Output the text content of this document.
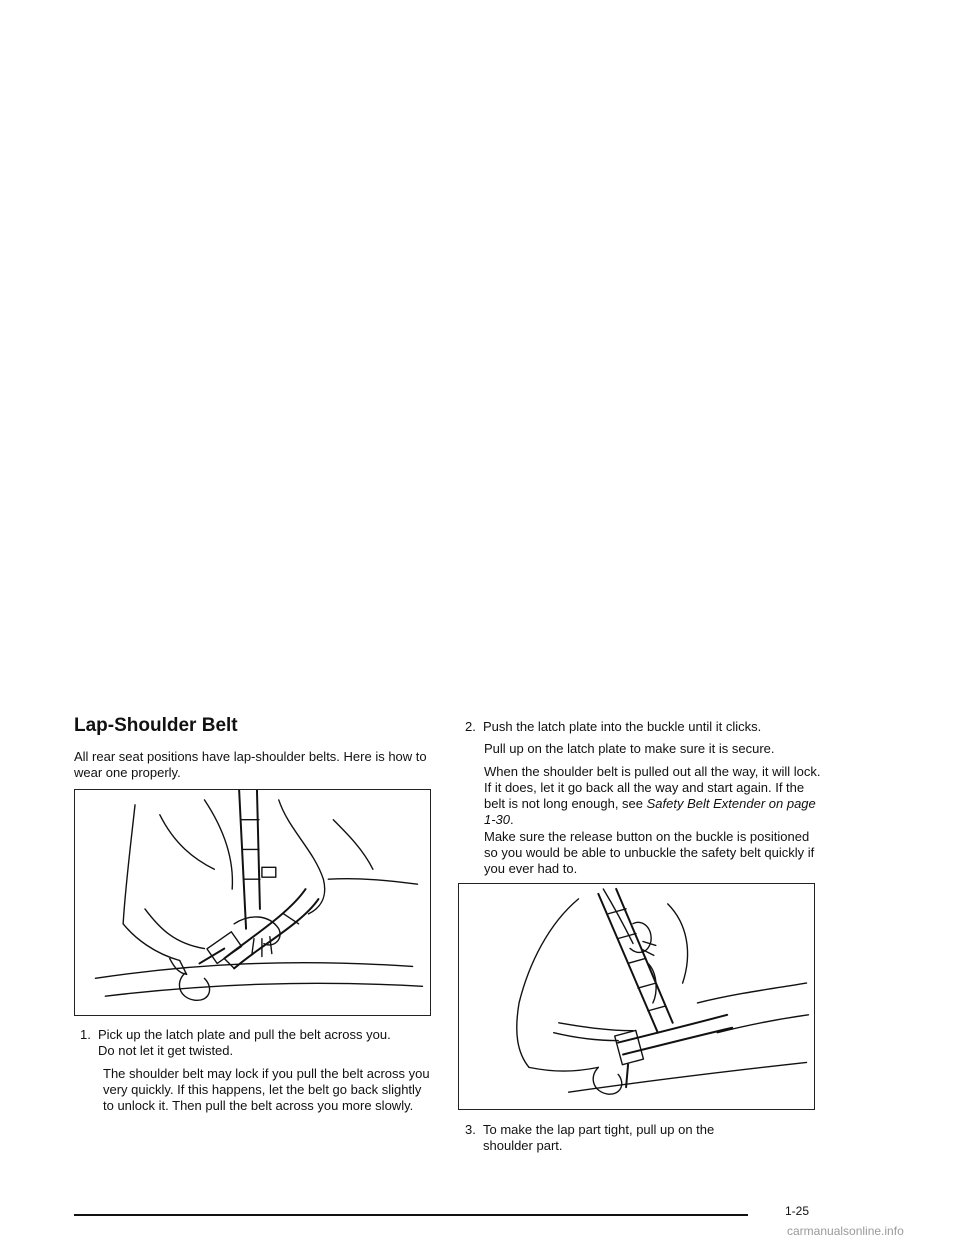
Lap-Shoulder Belt

All rear seat positions have lap-shoulder belts. Here is how to wear one properly.

1. Pick up the latch plate and pull the belt across you.
Do not let it get twisted.

The shoulder belt may lock if you pull the belt across you very quickly. If this happens, let the belt go back slightly to unlock it. Then pull the belt across you more slowly.

2. Push the latch plate into the buckle until it clicks.

Pull up on the latch plate to make sure it is secure.

When the shoulder belt is pulled out all the way, it will lock. If it does, let it go back all the way and start again. If the belt is not long enough, see Safety Belt Extender on page 1-30.

Make sure the release button on the buckle is positioned so you would be able to unbuckle the safety belt quickly if you ever had to.

3. To make the lap part tight, pull up on the
shoulder part.

1-25

carmanualsonline.info
